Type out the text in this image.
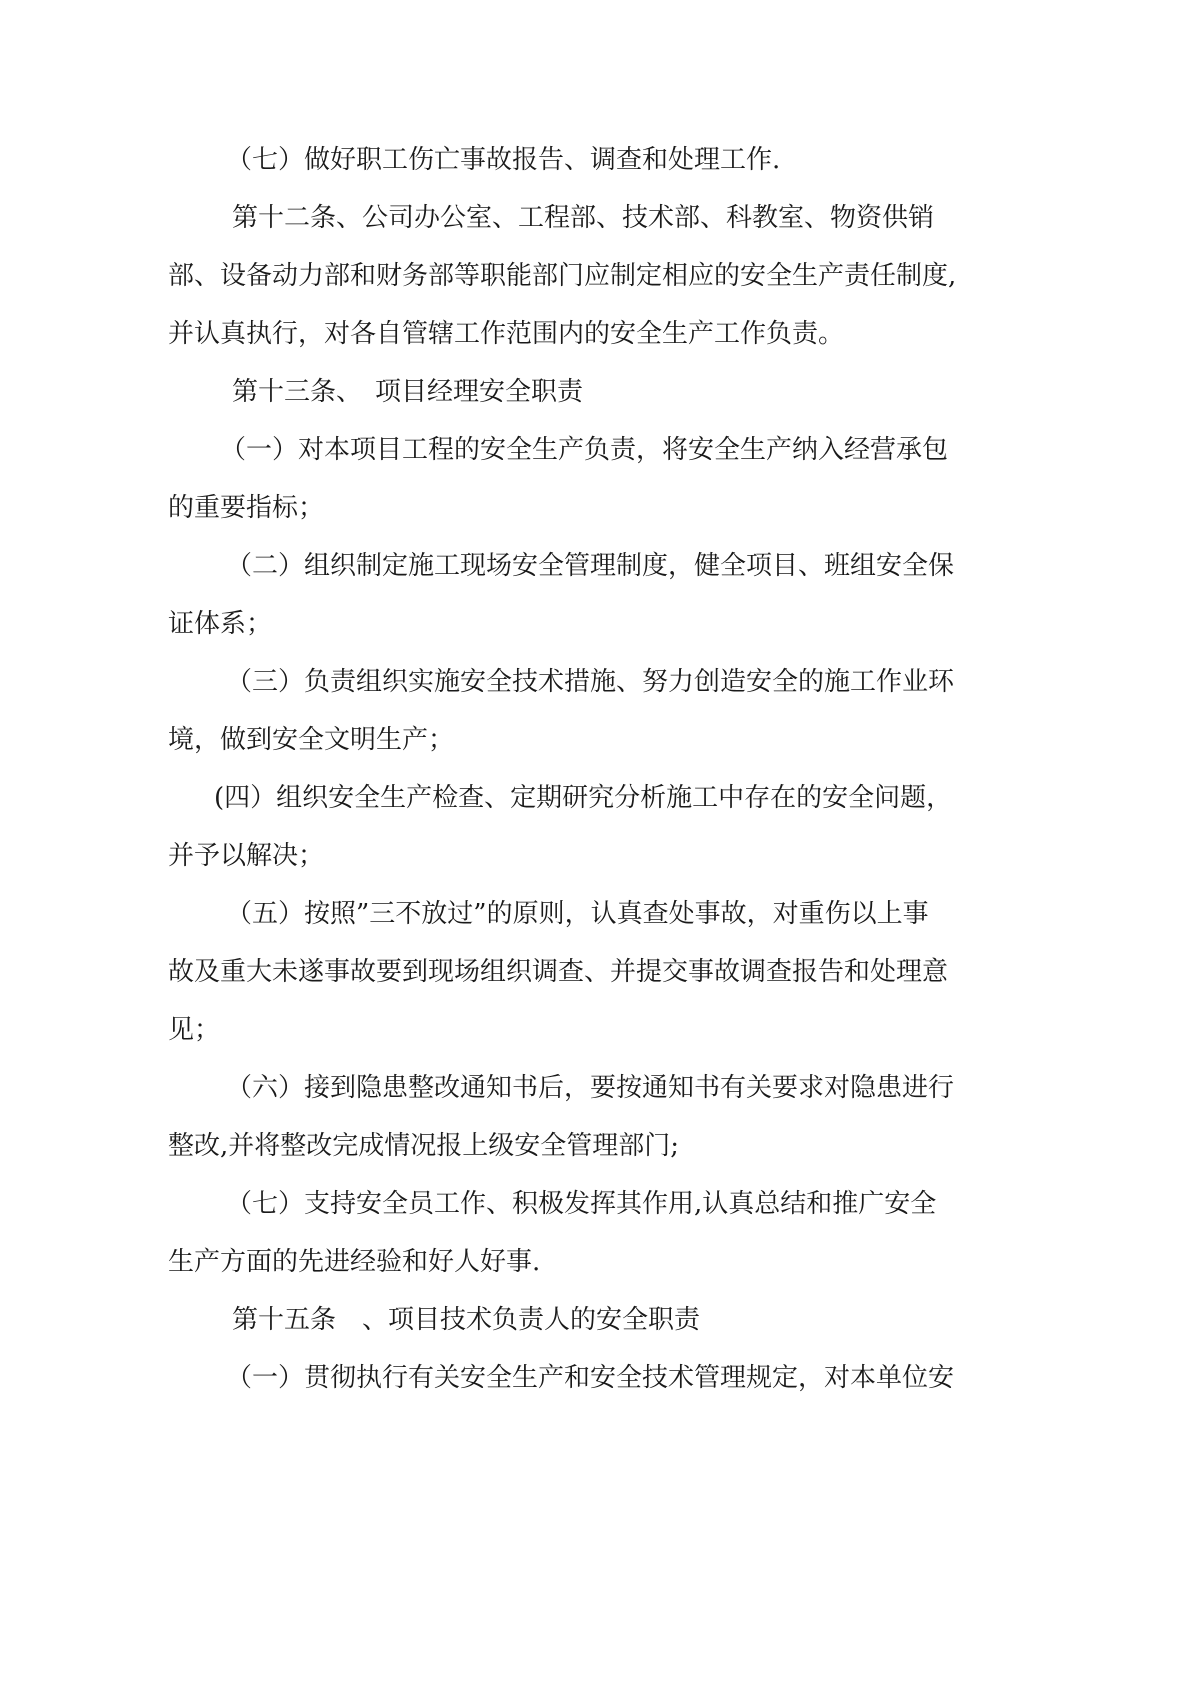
（七）做好职工伤亡事故报告、调查和处理工作.
第十二条、公司办公室、工程部、技术部、科教室、物资供销
部、设备动力部和财务部等职能部门应制定相应的安全生产责任制度,
并认真执行，对各自管辖工作范围内的安全生产工作负责。
第十三条、　项目经理安全职责
（一）对本项目工程的安全生产负责，将安全生产纳入经营承包
的重要指标；
（二）组织制定施工现场安全管理制度，健全项目、班组安全保
证体系；
（三）负责组织实施安全技术措施、努力创造安全的施工作业环
境，做到安全文明生产；
(四）组织安全生产检查、定期研究分析施工中存在的安全问题，
并予以解决；
（五）按照”三不放过”的原则，认真查处事故，对重伤以上事
故及重大未遂事故要到现场组织调查、并提交事故调查报告和处理意
见；
（六）接到隐患整改通知书后，要按通知书有关要求对隐患进行
整改,并将整改完成情况报上级安全管理部门;
（七）支持安全员工作、积极发挥其作用,认真总结和推广安全
生产方面的先进经验和好人好事.
第十五条　、项目技术负责人的安全职责
（一）贯彻执行有关安全生产和安全技术管理规定，对本单位安
